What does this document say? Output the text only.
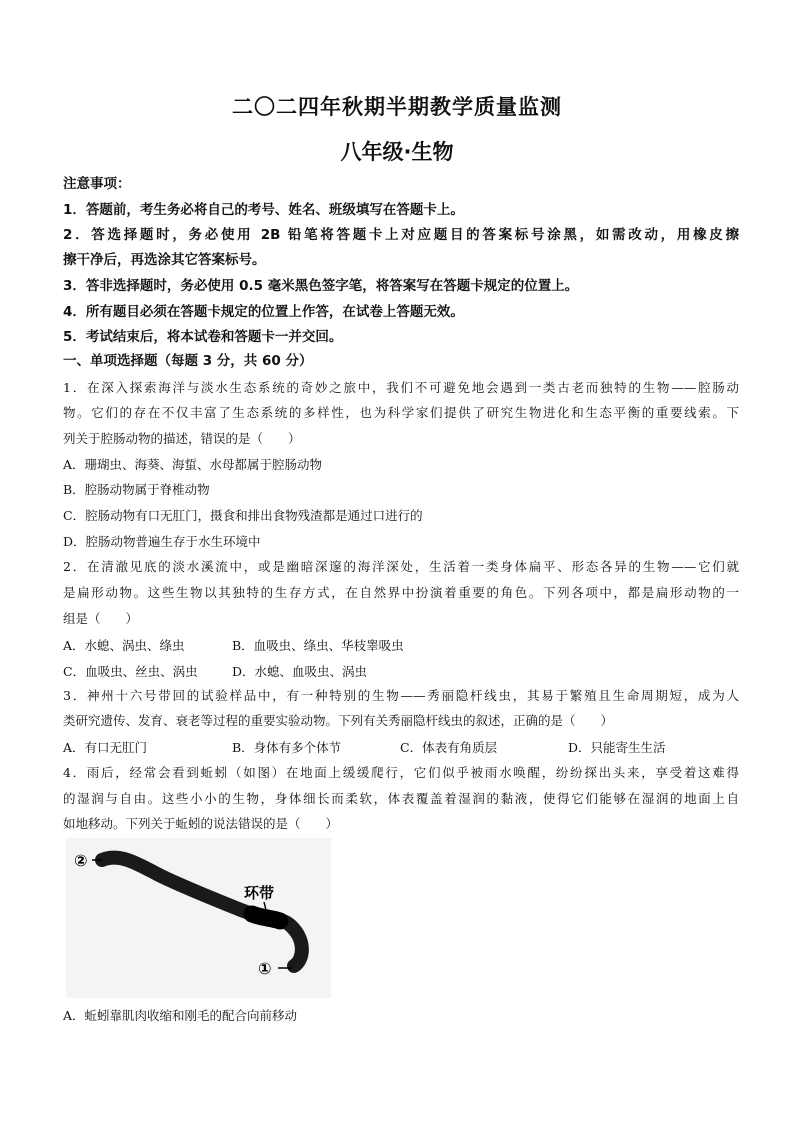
二〇二四年秋期半期教学质量监测
八年级·生物
注意事项：
1．答题前，考生务必将自己的考号、姓名、班级填写在答题卡上。
2．答选择题时，务必使用 2B 铅笔将答题卡上对应题目的答案标号涂黑，如需改动，用橡皮擦
擦干净后，再选涂其它答案标号。
3．答非选择题时，务必使用 0.5 毫米黑色签字笔，将答案写在答题卡规定的位置上。
4．所有题目必须在答题卡规定的位置上作答，在试卷上答题无效。
5．考试结束后，将本试卷和答题卡一并交回。
一、单项选择题（每题 3 分，共 60 分）
1．在深入探索海洋与淡水生态系统的奇妙之旅中，我们不可避免地会遇到一类古老而独特的生物——腔肠动
物。它们的存在不仅丰富了生态系统的多样性，也为科学家们提供了研究生物进化和生态平衡的重要线索。下
列关于腔肠动物的描述，错误的是（　　）
A．珊瑚虫、海葵、海蜇、水母都属于腔肠动物
B．腔肠动物属于脊椎动物
C．腔肠动物有口无肛门，摄食和排出食物残渣都是通过口进行的
D．腔肠动物普遍生存于水生环境中
2．在清澈见底的淡水溪流中，或是幽暗深邃的海洋深处，生活着一类身体扁平、形态各异的生物——它们就
是扁形动物。这些生物以其独特的生存方式，在自然界中扮演着重要的角色。下列各项中，都是扁形动物的一
组是（　　）
A．水螅、涡虫、绦虫	B．血吸虫、绦虫、华枝睾吸虫
C．血吸虫、丝虫、涡虫	D．水螅、血吸虫、涡虫
3．神州十六号带回的试验样品中，有一种特别的生物——秀丽隐杆线虫，其易于繁殖且生命周期短，成为人
类研究遗传、发育、衰老等过程的重要实验动物。下列有关秀丽隐杆线虫的叙述，正确的是（　　）
A．有口无肛门	B．身体有多个体节	C．体表有角质层	D．只能寄生生活
4．雨后，经常会看到蚯蚓（如图）在地面上缓缓爬行，它们似乎被雨水唤醒，纷纷探出头来，享受着这难得
的湿润与自由。这些小小的生物，身体细长而柔软，体表覆盖着湿润的黏液，使得它们能够在湿润的地面上自
如地移动。下列关于蚯蚓的说法错误的是（　　）
②
环带
①
A．蚯蚓靠肌肉收缩和刚毛的配合向前移动
